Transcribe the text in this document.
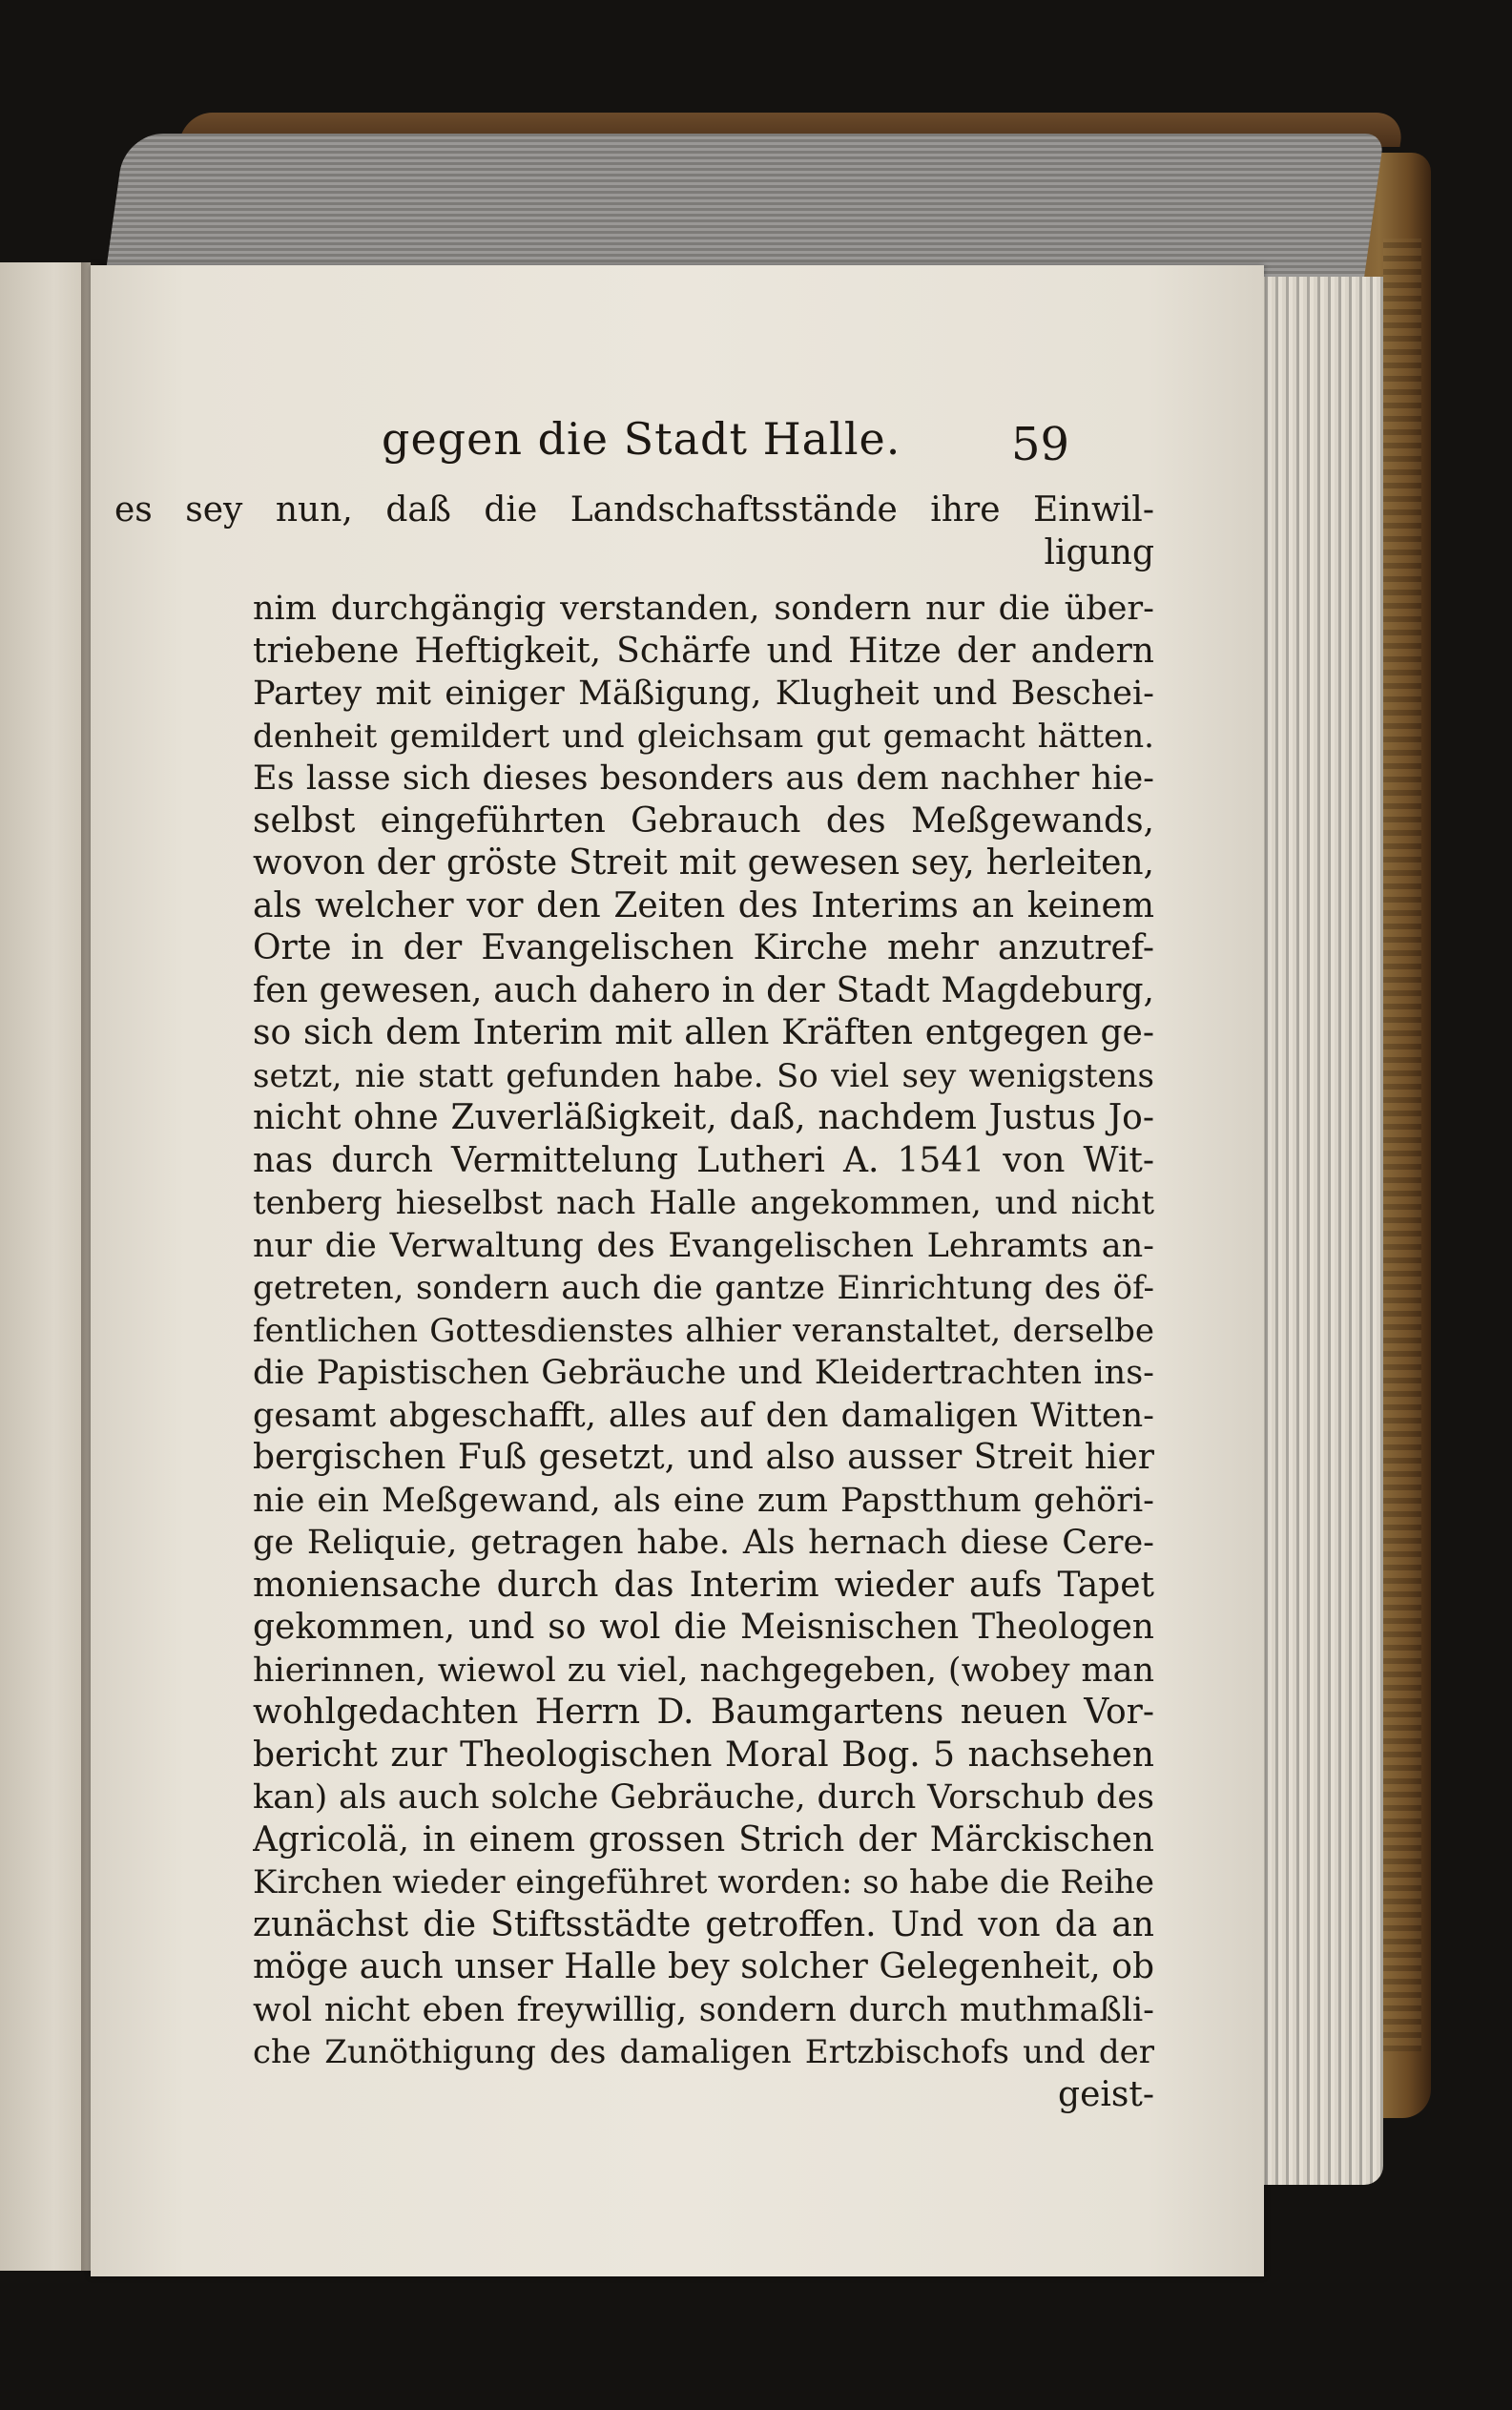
gegen die Stadt Halle.	59
es sey nun, daß die Landschaftsstände ihre Einwil-
ligung
nim durchgängig verstanden, sondern nur die über-
triebene Heftigkeit, Schärfe und Hitze der andern
Partey mit einiger Mäßigung, Klugheit und Beschei-
denheit gemildert und gleichsam gut gemacht hätten.
Es lasse sich dieses besonders aus dem nachher hie-
selbst eingeführten Gebrauch des Meßgewands,
wovon der gröste Streit mit gewesen sey, herleiten,
als welcher vor den Zeiten des Interims an keinem
Orte in der Evangelischen Kirche mehr anzutref-
fen gewesen, auch dahero in der Stadt Magdeburg,
so sich dem Interim mit allen Kräften entgegen ge-
setzt, nie statt gefunden habe. So viel sey wenigstens
nicht ohne Zuverläßigkeit, daß, nachdem Justus Jo-
nas durch Vermittelung Lutheri A. 1541 von Wit-
tenberg hieselbst nach Halle angekommen, und nicht
nur die Verwaltung des Evangelischen Lehramts an-
getreten, sondern auch die gantze Einrichtung des öf-
fentlichen Gottesdienstes alhier veranstaltet, derselbe
die Papistischen Gebräuche und Kleidertrachten ins-
gesamt abgeschafft, alles auf den damaligen Witten-
bergischen Fuß gesetzt, und also ausser Streit hier
nie ein Meßgewand, als eine zum Papstthum gehöri-
ge Reliquie, getragen habe. Als hernach diese Cere-
moniensache durch das Interim wieder aufs Tapet
gekommen, und so wol die Meisnischen Theologen
hierinnen, wiewol zu viel, nachgegeben, (wobey man
wohlgedachten Herrn D. Baumgartens neuen Vor-
bericht zur Theologischen Moral Bog. 5 nachsehen
kan) als auch solche Gebräuche, durch Vorschub des
Agricolä, in einem grossen Strich der Märckischen
Kirchen wieder eingeführet worden: so habe die Reihe
zunächst die Stiftsstädte getroffen. Und von da an
möge auch unser Halle bey solcher Gelegenheit, ob
wol nicht eben freywillig, sondern durch muthmaßli-
che Zunöthigung des damaligen Ertzbischofs und der
geist-
